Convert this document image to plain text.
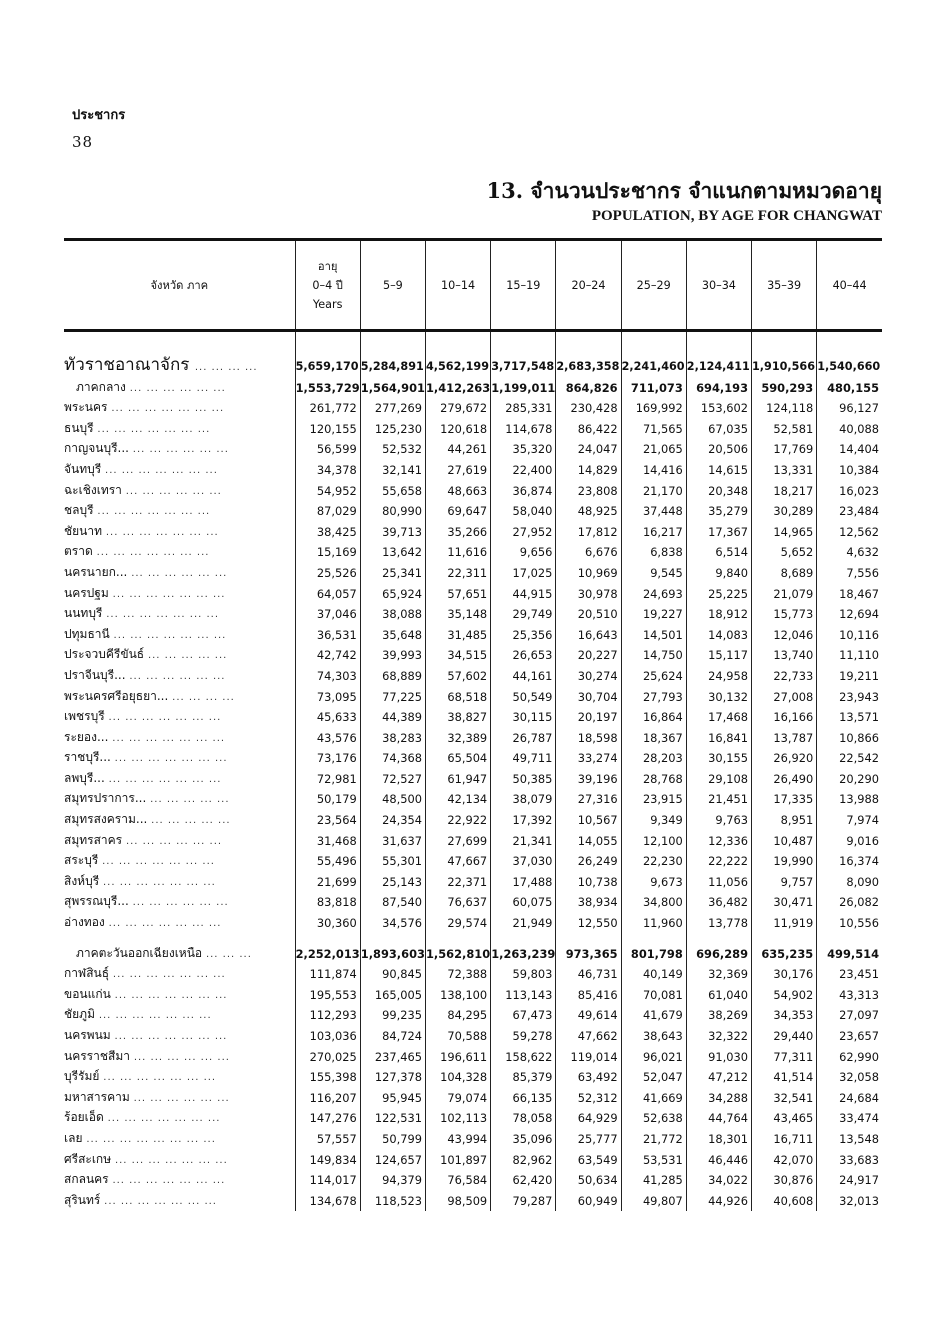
ประชากร
38
13. จำนวนประชากร จำแนกตามหมวดอายุ
POPULATION, BY AGE FOR CHANGWAT
จังหวัด ภาค	อายุ
0–4 ปี
Years	5–9	10–14	15–19	20–24	25–29	30–34	35–39	40–44

ทั่วราชอาณาจักร ... ... ... ...	5,659,170	5,284,891	4,562,199	3,717,548	2,683,358	2,241,460	2,124,411	1,910,566	1,540,660
ภาคกลาง ... ... ... ... ... ...	1,553,729	1,564,901	1,412,263	1,199,011	864,826	711,073	694,193	590,293	480,155
พระนคร ... ... ... ... ... ... ...	261,772	277,269	279,672	285,331	230,428	169,992	153,602	124,118	96,127
ธนบุรี ... ... ... ... ... ... ...	120,155	125,230	120,618	114,678	86,422	71,565	67,035	52,581	40,088
กาญจนบุรี... ... ... ... ... ... ...	56,599	52,532	44,261	35,320	24,047	21,065	20,506	17,769	14,404
จันทบุรี ... ... ... ... ... ... ...	34,378	32,141	27,619	22,400	14,829	14,416	14,615	13,331	10,384
ฉะเชิงเทรา ... ... ... ... ... ...	54,952	55,658	48,663	36,874	23,808	21,170	20,348	18,217	16,023
ชลบุรี ... ... ... ... ... ... ...	87,029	80,990	69,647	58,040	48,925	37,448	35,279	30,289	23,484
ชัยนาท ... ... ... ... ... ... ...	38,425	39,713	35,266	27,952	17,812	16,217	17,367	14,965	12,562
ตราด ... ... ... ... ... ... ...	15,169	13,642	11,616	9,656	6,676	6,838	6,514	5,652	4,632
นครนายก... ... ... ... ... ... ...	25,526	25,341	22,311	17,025	10,969	9,545	9,840	8,689	7,556
นครปฐม ... ... ... ... ... ... ...	64,057	65,924	57,651	44,915	30,978	24,693	25,225	21,079	18,467
นนทบุรี ... ... ... ... ... ... ...	37,046	38,088	35,148	29,749	20,510	19,227	18,912	15,773	12,694
ปทุมธานี ... ... ... ... ... ... ...	36,531	35,648	31,485	25,356	16,643	14,501	14,083	12,046	10,116
ประจวบคีรีขันธ์ ... ... ... ... ...	42,742	39,993	34,515	26,653	20,227	14,750	15,117	13,740	11,110
ปราจีนบุรี... ... ... ... ... ... ...	74,303	68,889	57,602	44,161	30,274	25,624	24,958	22,733	19,211
พระนครศรีอยุธยา... ... ... ... ...	73,095	77,225	68,518	50,549	30,704	27,793	30,132	27,008	23,943
เพชรบุรี ... ... ... ... ... ... ...	45,633	44,389	38,827	30,115	20,197	16,864	17,468	16,166	13,571
ระยอง... ... ... ... ... ... ... ...	43,576	38,283	32,389	26,787	18,598	18,367	16,841	13,787	10,866
ราชบุรี... ... ... ... ... ... ... ...	73,176	74,368	65,504	49,711	33,274	28,203	30,155	26,920	22,542
ลพบุรี... ... ... ... ... ... ... ...	72,981	72,527	61,947	50,385	39,196	28,768	29,108	26,490	20,290
สมุทรปราการ... ... ... ... ... ...	50,179	48,500	42,134	38,079	27,316	23,915	21,451	17,335	13,988
สมุทรสงคราม... ... ... ... ... ...	23,564	24,354	22,922	17,392	10,567	9,349	9,763	8,951	7,974
สมุทรสาคร ... ... ... ... ... ...	31,468	31,637	27,699	21,341	14,055	12,100	12,336	10,487	9,016
สระบุรี ... ... ... ... ... ... ...	55,496	55,301	47,667	37,030	26,249	22,230	22,222	19,990	16,374
สิงห์บุรี ... ... ... ... ... ... ...	21,699	25,143	22,371	17,488	10,738	9,673	11,056	9,757	8,090
สุพรรณบุรี... ... ... ... ... ... ...	83,818	87,540	76,637	60,075	38,934	34,800	36,482	30,471	26,082
อ่างทอง ... ... ... ... ... ... ...	30,360	34,576	29,574	21,949	12,550	11,960	13,778	11,919	10,556

ภาคตะวันออกเฉียงเหนือ ... ... ...	2,252,013	1,893,603	1,562,810	1,263,239	973,365	801,798	696,289	635,235	499,514
กาฬสินธุ์ ... ... ... ... ... ... ...	111,874	90,845	72,388	59,803	46,731	40,149	32,369	30,176	23,451
ขอนแก่น ... ... ... ... ... ... ...	195,553	165,005	138,100	113,143	85,416	70,081	61,040	54,902	43,313
ชัยภูมิ ... ... ... ... ... ... ...	112,293	99,235	84,295	67,473	49,614	41,679	38,269	34,353	27,097
นครพนม ... ... ... ... ... ... ...	103,036	84,724	70,588	59,278	47,662	38,643	32,322	29,440	23,657
นครราชสีมา ... ... ... ... ... ...	270,025	237,465	196,611	158,622	119,014	96,021	91,030	77,311	62,990
บุรีรัมย์ ... ... ... ... ... ... ...	155,398	127,378	104,328	85,379	63,492	52,047	47,212	41,514	32,058
มหาสารคาม ... ... ... ... ... ...	116,207	95,945	79,074	66,135	52,312	41,669	34,288	32,541	24,684
ร้อยเอ็ด ... ... ... ... ... ... ...	147,276	122,531	102,113	78,058	64,929	52,638	44,764	43,465	33,474
เลย ... ... ... ... ... ... ... ...	57,557	50,799	43,994	35,096	25,777	21,772	18,301	16,711	13,548
ศรีสะเกษ ... ... ... ... ... ... ...	149,834	124,657	101,897	82,962	63,549	53,531	46,446	42,070	33,683
สกลนคร ... ... ... ... ... ... ...	114,017	94,379	76,584	62,420	50,634	41,285	34,022	30,876	24,917
สุรินทร์ ... ... ... ... ... ... ...	134,678	118,523	98,509	79,287	60,949	49,807	44,926	40,608	32,013
